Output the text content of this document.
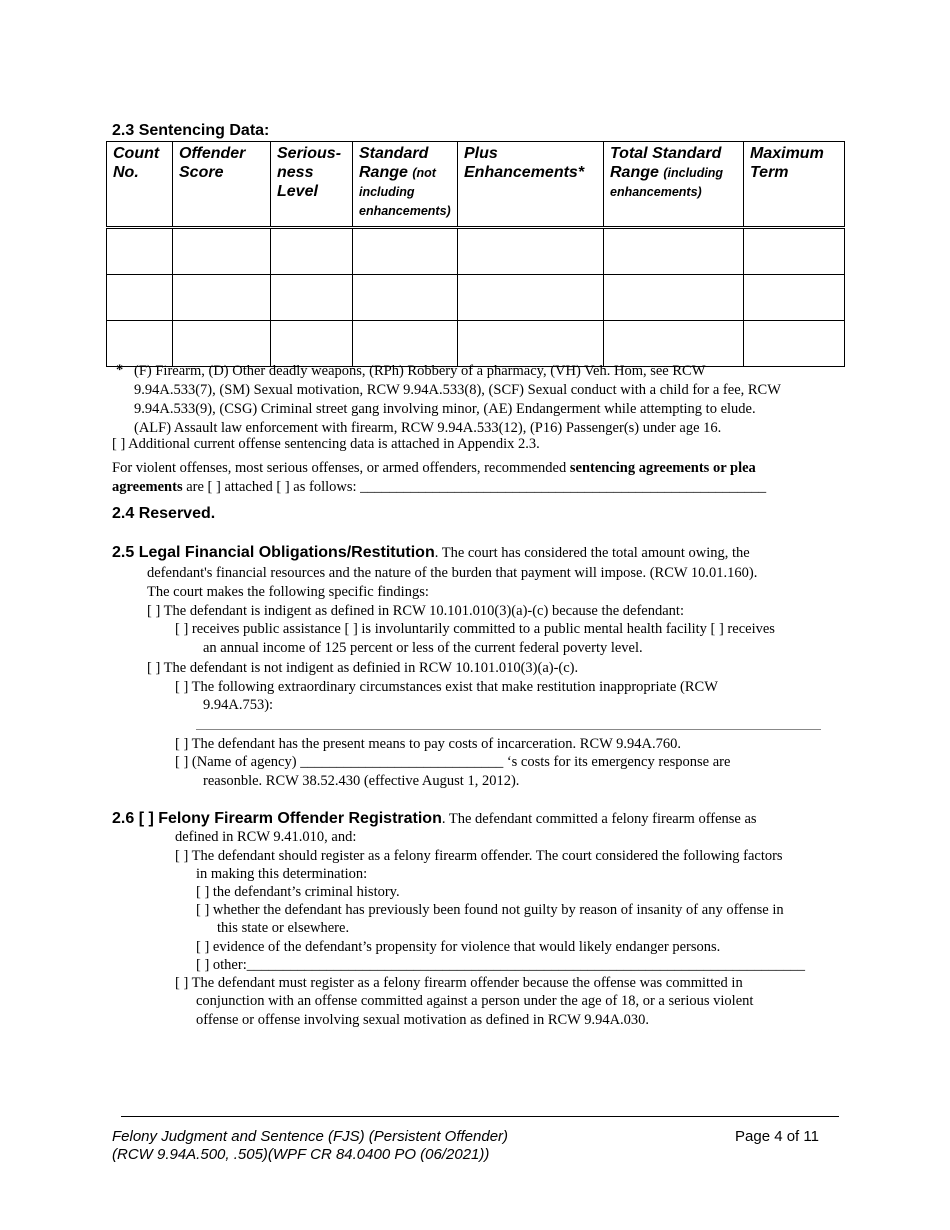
2.3 Sentencing Data:
Count No.	Offender Score	Serious-ness Level	Standard Range (not including enhancements)	Plus Enhancements*	Total Standard Range (including enhancements)	Maximum Term

* (F) Firearm, (D) Other deadly weapons, (RPh) Robbery of a pharmacy, (VH) Veh. Hom, see RCW
9.94A.533(7), (SM) Sexual motivation, RCW 9.94A.533(8), (SCF) Sexual conduct with a child for a fee, RCW
9.94A.533(9), (CSG) Criminal street gang involving minor, (AE) Endangerment while attempting to elude.
(ALF) Assault law enforcement with firearm, RCW 9.94A.533(12), (P16) Passenger(s) under age 16.
[ ] Additional current offense sentencing data is attached in Appendix 2.3.
For violent offenses, most serious offenses, or armed offenders, recommended sentencing agreements or plea
agreements are [ ] attached [ ] as follows: ________________________________________________________
2.4 Reserved.
2.5 Legal Financial Obligations/Restitution. The court has considered the total amount owing, the
defendant's financial resources and the nature of the burden that payment will impose. (RCW 10.01.160).
The court makes the following specific findings:
[ ] The defendant is indigent as defined in RCW 10.101.010(3)(a)-(c) because the defendant:
[ ] receives public assistance [ ] is involuntarily committed to a public mental health facility [ ] receives
an annual income of 125 percent or less of the current federal poverty level.
[ ] The defendant is not indigent as definied in RCW 10.101.010(3)(a)-(c).
[ ] The following extraordinary circumstances exist that make restitution inappropriate (RCW
9.94A.753):
[ ] The defendant has the present means to pay costs of incarceration. RCW 9.94A.760.
[ ] (Name of agency) ____________________________ ‘s costs for its emergency response are
reasonble. RCW 38.52.430 (effective August 1, 2012).
2.6 [ ] Felony Firearm Offender Registration. The defendant committed a felony firearm offense as
defined in RCW 9.41.010, and:
[ ] The defendant should register as a felony firearm offender. The court considered the following factors
in making this determination:
[ ] the defendant’s criminal history.
[ ] whether the defendant has previously been found not guilty by reason of insanity of any offense in
this state or elsewhere.
[ ] evidence of the defendant’s propensity for violence that would likely endanger persons.
[ ] other:_____________________________________________________________________________
[ ] The defendant must register as a felony firearm offender because the offense was committed in
conjunction with an offense committed against a person under the age of 18, or a serious violent
offense or offense involving sexual motivation as defined in RCW 9.94A.030.
Felony Judgment and Sentence (FJS) (Persistent Offender)
(RCW 9.94A.500, .505)(WPF CR 84.0400 PO (06/2021))
Page 4 of 11
